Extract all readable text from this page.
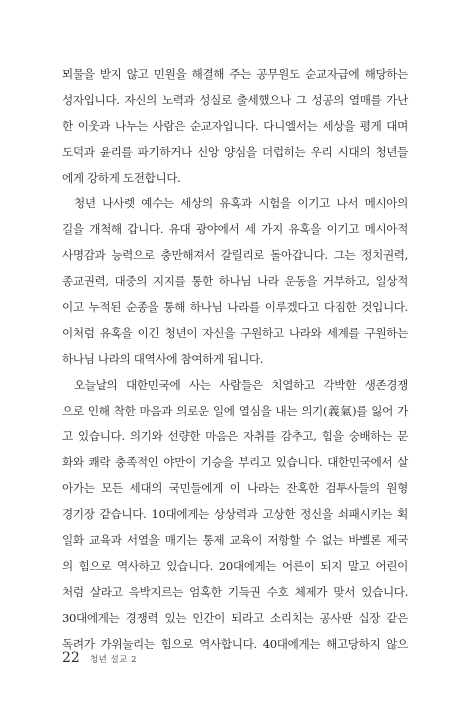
뫼물을 받지 않고 민원을 해결해 주는 공무원도 순교자급에 해당하는
성자입니다. 자신의 노력과 성실로 출세했으나 그 성공의 열매를 가난
한 이웃과 나누는 사람은 순교자입니다. 다니엘서는 세상을 평게 대며
도덕과 윤리를 파기하거나 신앙 양심을 더럽히는 우리 시대의 청년들
에게 강하게 도전합니다.
청년 나사렛 예수는 세상의 유혹과 시험을 이기고 나서 메시아의
길을 개척해 갑니다. 유대 광야에서 세 가지 유혹을 이기고 메시아적
사명감과 능력으로 충만해져서 갈릴리로 돌아갑니다. 그는 정치권력,
종교권력, 대중의 지지를 통한 하나님 나라 운동을 거부하고, 일상적
이고 누적된 순종을 통해 하나님 나라를 이루겠다고 다짐한 것입니다.
이처럼 유혹을 이긴 청년이 자신을 구원하고 나라와 세계를 구원하는
하나님 나라의 대역사에 참여하게 됩니다.
오늘날의 대한민국에 사는 사람들은 치열하고 각박한 생존경쟁
으로 인해 착한 마음과 의로운 일에 열심을 내는 의기(義氣)를 잃어 가
고 있습니다. 의기와 선량한 마음은 자취를 감추고, 힘을 숭배하는 문
화와 쾌락 충족적인 야만이 기승을 부리고 있습니다. 대한민국에서 살
아가는 모든 세대의 국민들에게 이 나라는 잔혹한 검투사들의 원형
경기장 같습니다. 10대에게는 상상력과 고상한 정신을 쇠패시키는 획
일화 교육과 서열을 매기는 통제 교육이 저항할 수 없는 바벨론 제국
의 힘으로 역사하고 있습니다. 20대에게는 어른이 되지 말고 어린이
처럼 살라고 윽박지르는 엄혹한 기득권 수호 체제가 맞서 있습니다.
30대에게는 경쟁력 있는 인간이 되라고 소리치는 공사판 십장 같은
독려가 가위눌리는 힘으로 역사합니다. 40대에게는 해고당하지 않으
22 청년 설교 2
